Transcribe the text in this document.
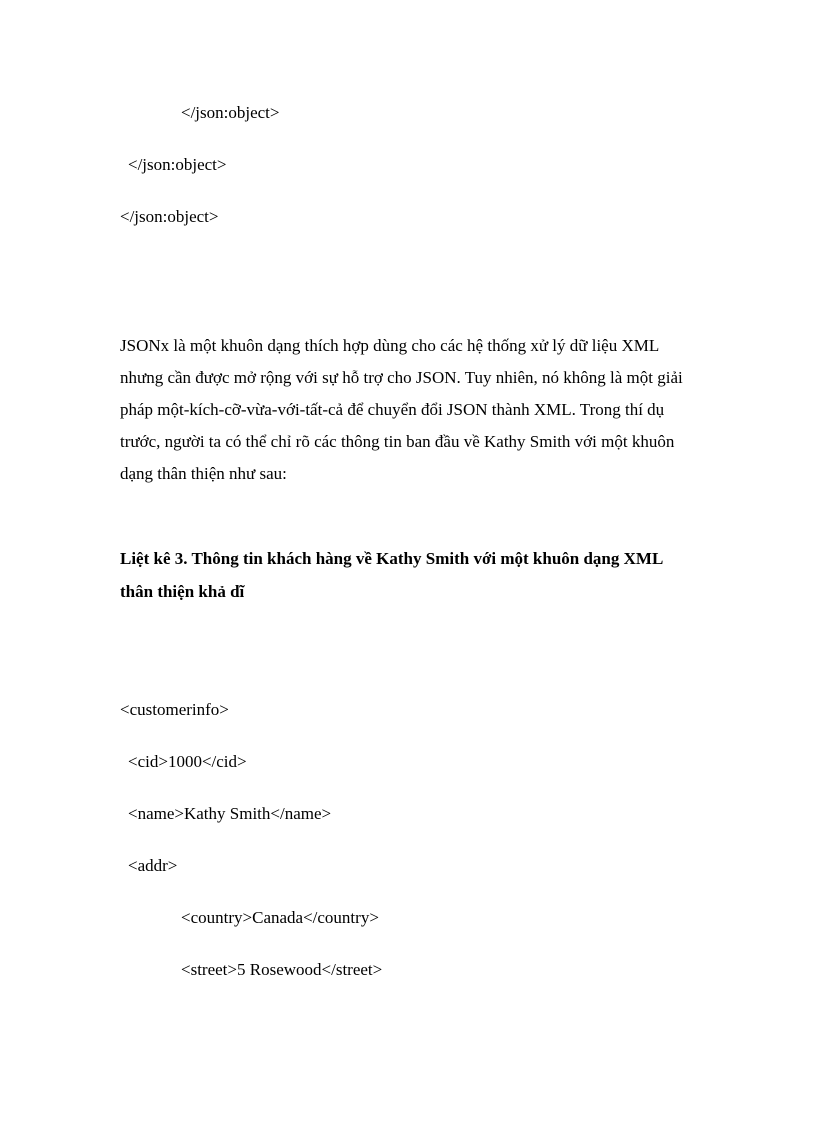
</json:object>
</json:object>
</json:object>
JSONx là một khuôn dạng thích hợp dùng cho các hệ thống xử lý dữ liệu XML
nhưng cần được mở rộng với sự hỗ trợ cho JSON. Tuy nhiên, nó không là một giải
pháp một-kích-cỡ-vừa-với-tất-cả để chuyển đổi JSON thành XML. Trong thí dụ
trước, người ta có thể chỉ rõ các thông tin ban đầu về Kathy Smith với một khuôn
dạng thân thiện như sau:
Liệt kê 3. Thông tin khách hàng về Kathy Smith với một khuôn dạng XML
thân thiện khả dĩ
<customerinfo>
<cid>1000</cid>
<name>Kathy Smith</name>
<addr>
<country>Canada</country>
<street>5 Rosewood</street>
